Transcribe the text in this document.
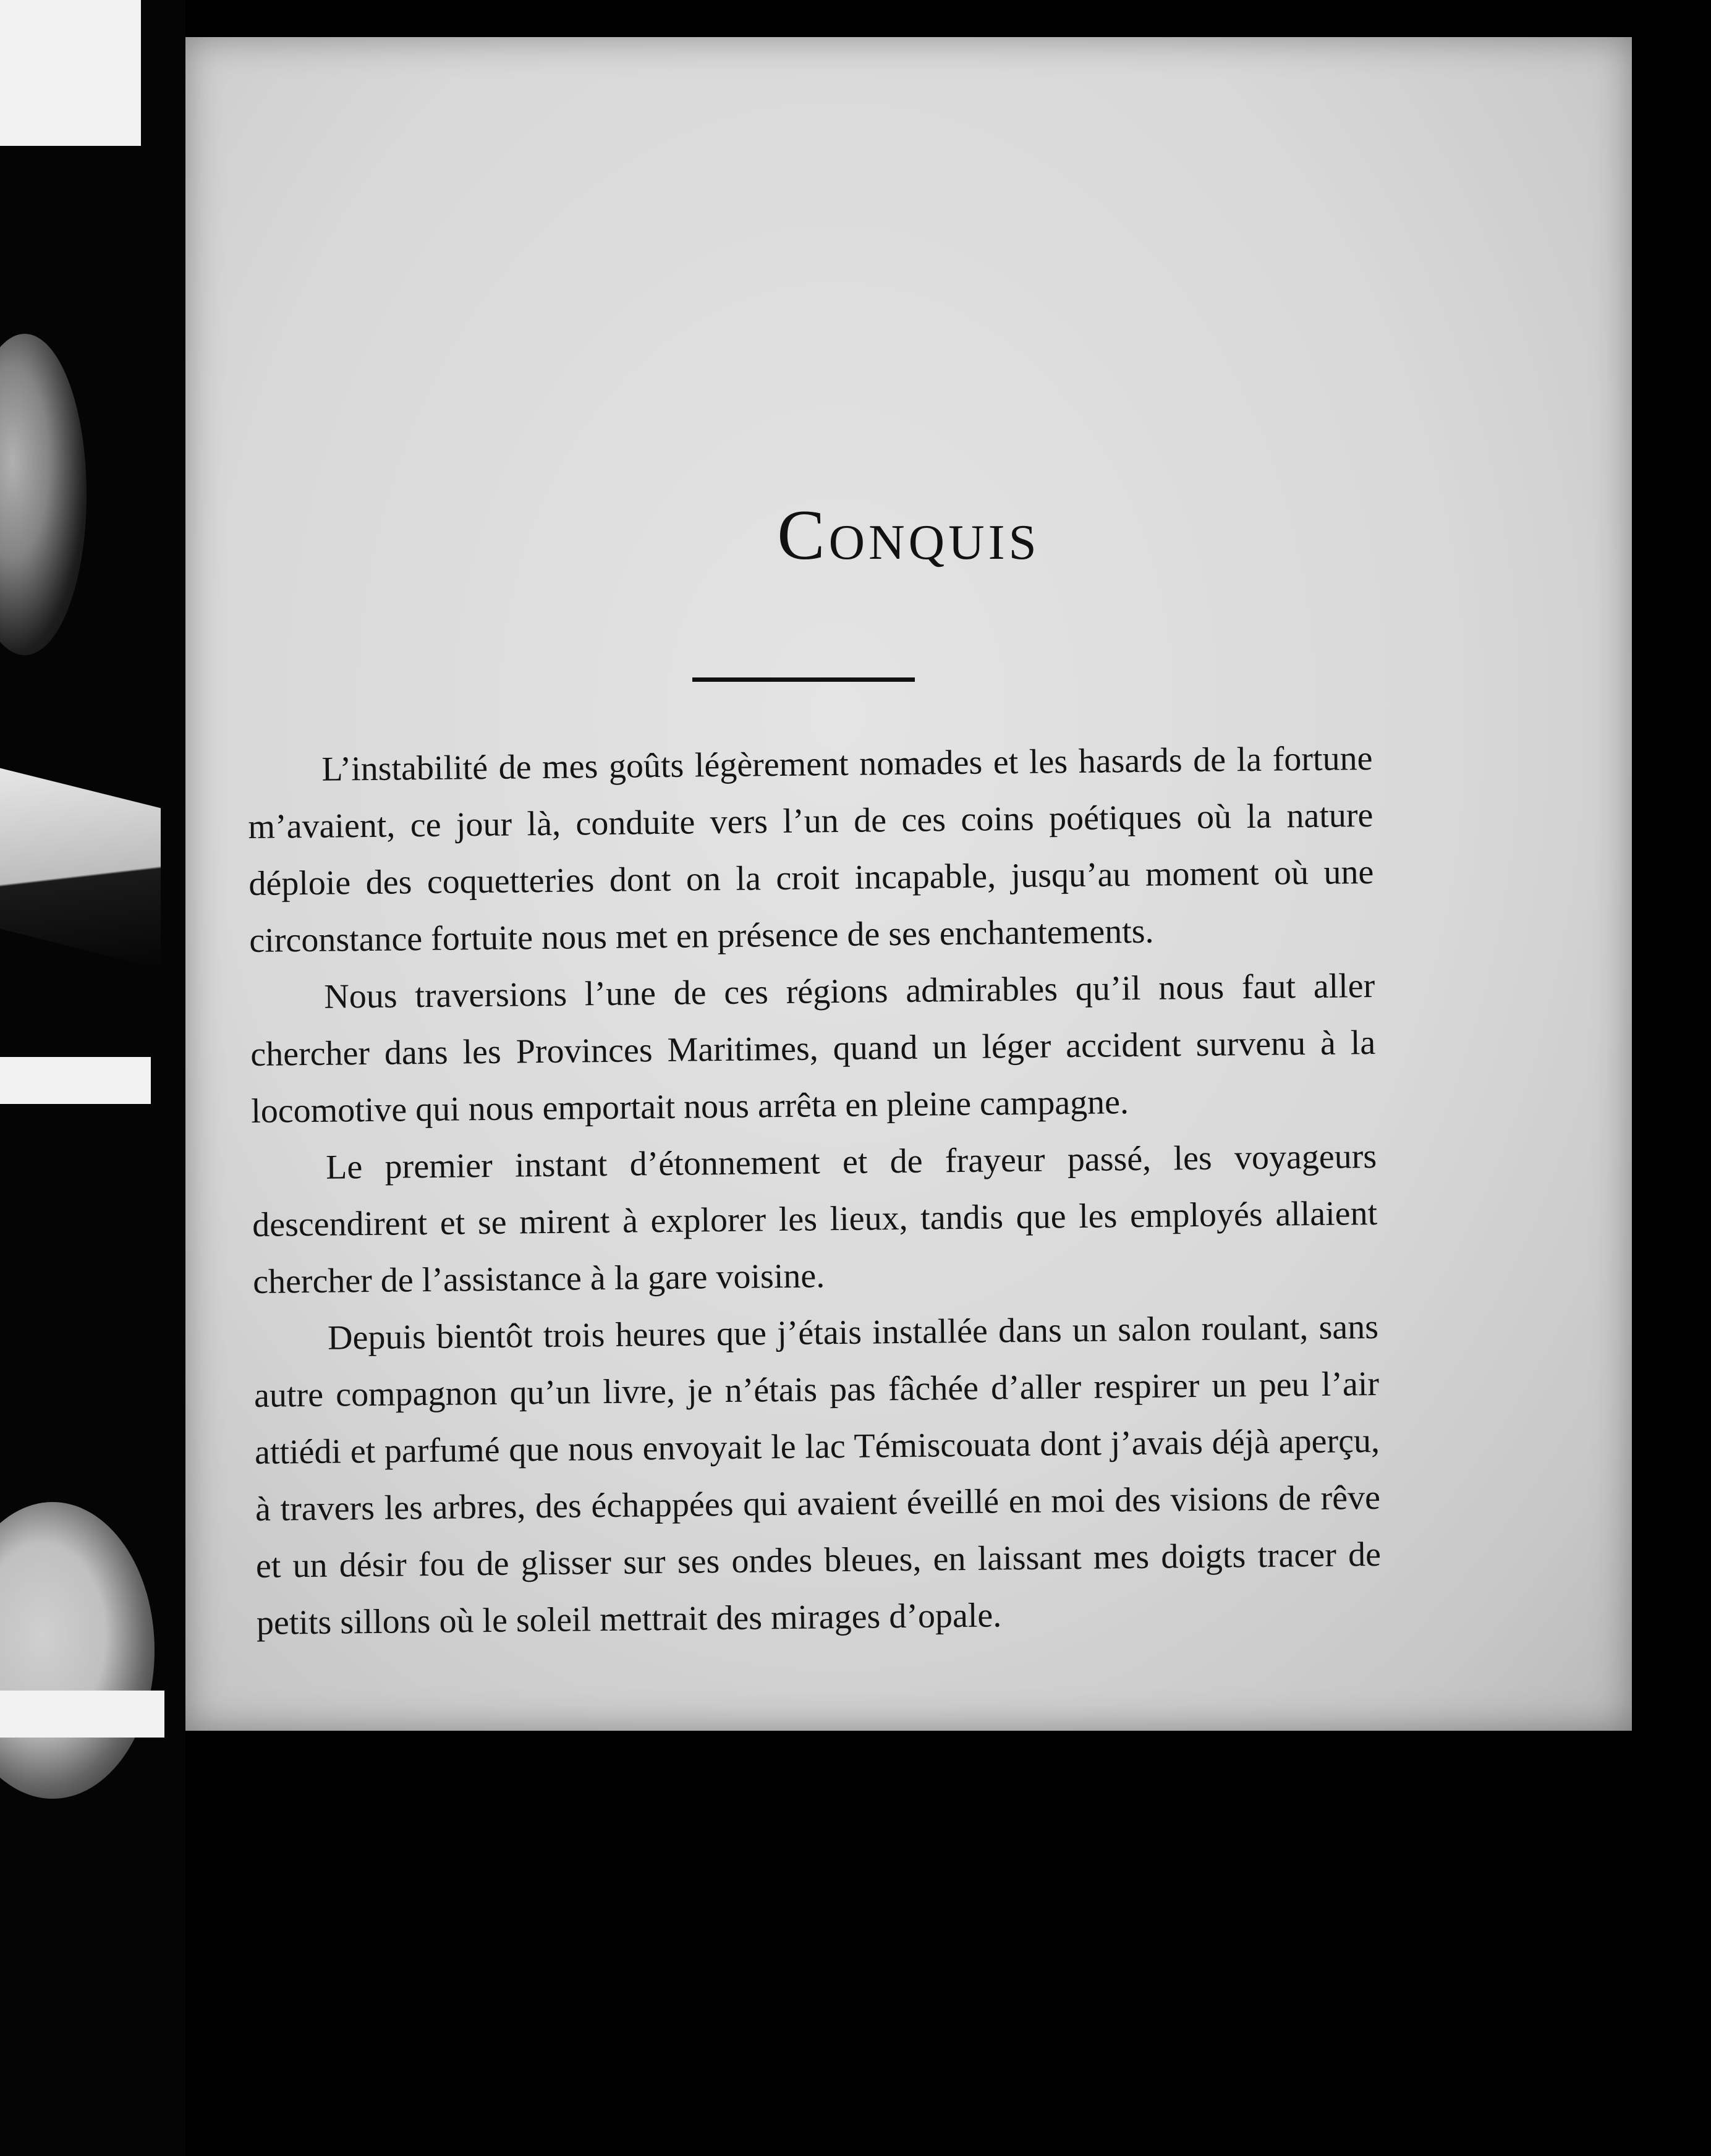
Conquis

L’instabilité de mes goûts légèrement nomades et les hasards de la fortune m’avaient, ce jour là, conduite vers l’un de ces coins poétiques où la nature déploie des coquetteries dont on la croit incapable, jusqu’au moment où une circonstance fortuite nous met en présence de ses enchantements.

Nous traversions l’une de ces régions admirables qu’il nous faut aller chercher dans les Provinces Maritimes, quand un léger accident survenu à la locomotive qui nous emportait nous arrêta en pleine campagne.

Le premier instant d’étonnement et de frayeur passé, les voyageurs descendirent et se mirent à explorer les lieux, tandis que les employés allaient chercher de l’assistance à la gare voisine.

Depuis bientôt trois heures que j’étais installée dans un salon roulant, sans autre compagnon qu’un livre, je n’étais pas fâchée d’aller respirer un peu l’air attiédi et parfumé que nous envoyait le lac Témiscouata dont j’avais déjà aperçu, à travers les arbres, des échappées qui avaient éveillé en moi des visions de rêve et un désir fou de glisser sur ses ondes bleues, en laissant mes doigts tracer de petits sillons où le soleil mettrait des mirages d’opale.
